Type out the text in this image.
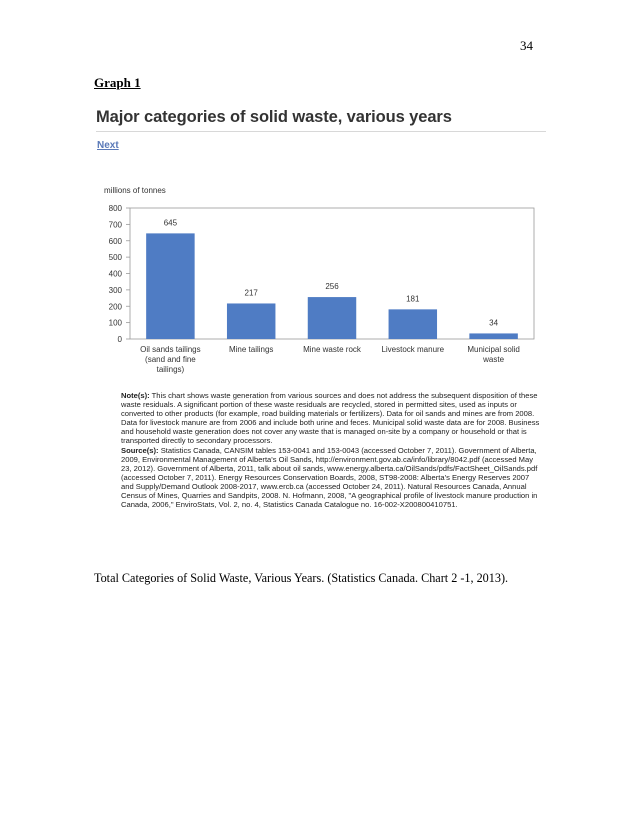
34
Graph 1
Major categories of solid waste, various years
Next
millions of tonnes
0
100
200
300
400
500
600
700
800
645
Oil sands tailings
(sand and fine
tailings)
217
Mine tailings
256
Mine waste rock
181
Livestock manure
34
Municipal solid
waste

Note(s): This chart shows waste generation from various sources and does not address the subsequent disposition of these waste residuals. A significant portion of these waste residuals are recycled, stored in permitted sites, used as inputs or converted to other products (for example, road building materials or fertilizers). Data for oil sands and mines are from 2008. Data for livestock manure are from 2006 and include both urine and feces. Municipal solid waste data are for 2008. Business and household waste generation does not cover any waste that is managed on-site by a company or household or that is transported directly to secondary processors.

Source(s): Statistics Canada, CANSIM tables 153-0041 and 153-0043 (accessed October 7, 2011). Government of Alberta, 2009, Environmental Management of Alberta's Oil Sands, http://environment.gov.ab.ca/info/library/8042.pdf (accessed May 23, 2012). Government of Alberta, 2011, talk about oil sands, www.energy.alberta.ca/OilSands/pdfs/FactSheet_OilSands.pdf (accessed October 7, 2011). Energy Resources Conservation Boards, 2008, ST98-2008: Alberta's Energy Reserves 2007 and Supply/Demand Outlook 2008-2017, www.ercb.ca (accessed October 24, 2011). Natural Resources Canada, Annual Census of Mines, Quarries and Sandpits, 2008. N. Hofmann, 2008, "A geographical profile of livestock manure production in Canada, 2006," EnviroStats, Vol. 2, no. 4, Statistics Canada Catalogue no. 16-002-X200800410751.

Total Categories of Solid Waste, Various Years. (Statistics Canada. Chart 2 -1, 2013).
